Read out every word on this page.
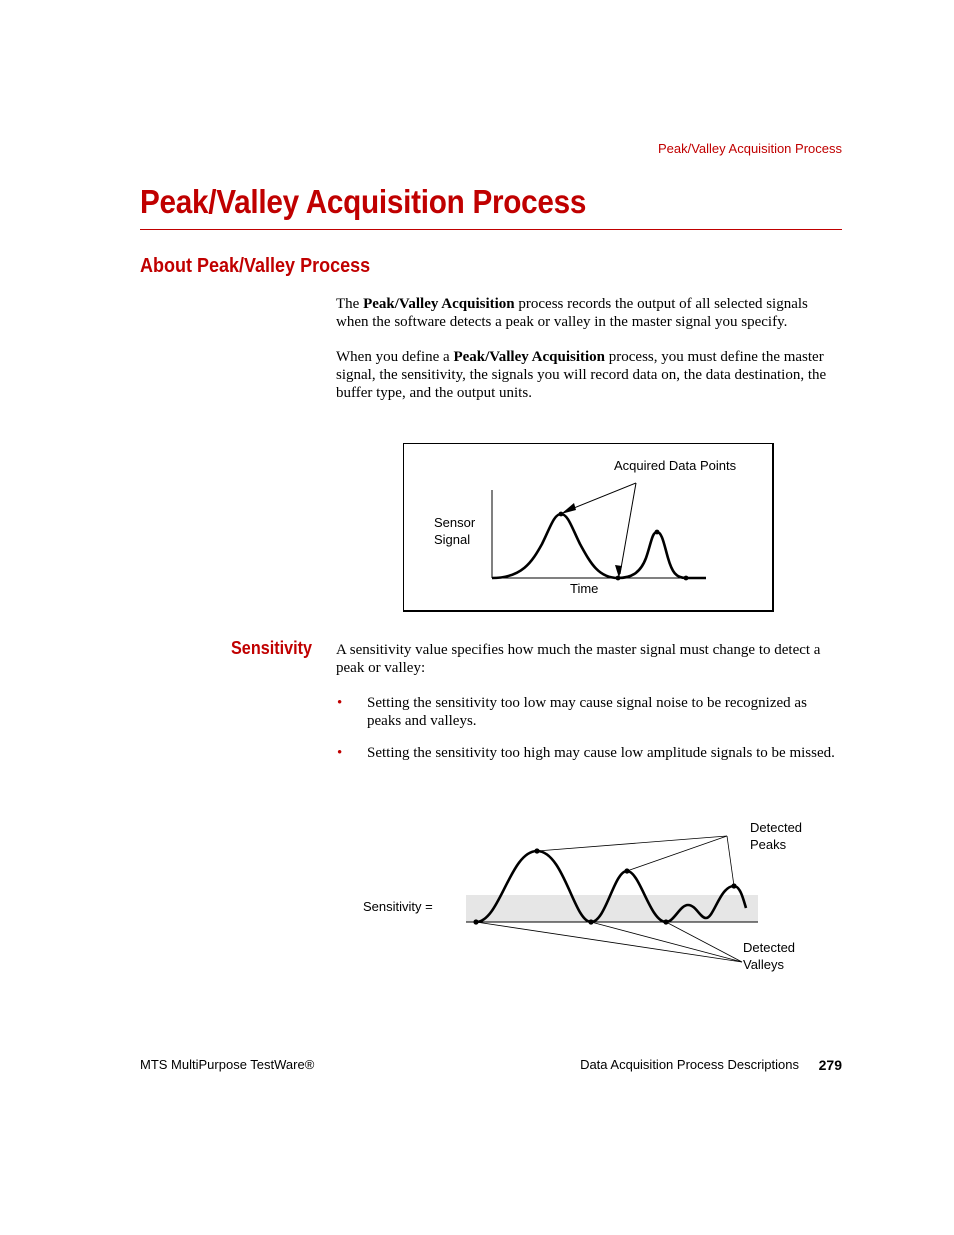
Peak/Valley Acquisition Process
Peak/Valley Acquisition Process
About Peak/Valley Process
The Peak/Valley Acquisition process records the output of all selected signals when the software detects a peak or valley in the master signal you specify.
When you define a Peak/Valley Acquisition process, you must define the master signal, the sensitivity, the signals you will record data on, the data destination, the buffer type, and the output units.
Acquired Data Points
Sensor
Signal
Time
Sensitivity A sensitivity value specifies how much the master signal must change to detect a peak or valley:
• Setting the sensitivity too low may cause signal noise to be recognized as peaks and valleys.
• Setting the sensitivity too high may cause low amplitude signals to be missed.
Sensitivity =
Detected
Peaks
Detected
Valleys
MTS MultiPurpose TestWare®	Data Acquisition Process Descriptions 279
